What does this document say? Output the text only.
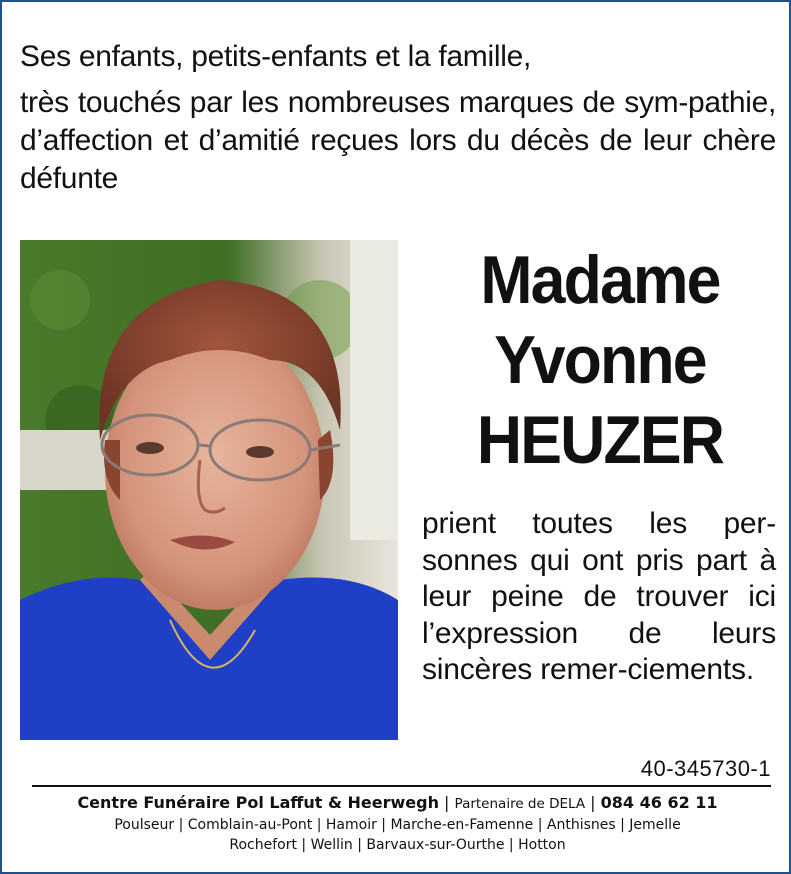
Ses enfants, petits-enfants et la famille,

très touchés par les nombreuses marques de sym-pathie, d’affection et d’amitié reçues lors du décès de leur chère défunte

Madame
Yvonne
HEUZER
prient toutes les per-sonnes qui ont pris part à leur peine de trouver ici l’expression de leurs sincères remer-ciements.
40-345730-1
Centre Funéraire Pol Laffut & Heerwegh | Partenaire de DELA | 084 46 62 11
Poulseur | Comblain-au-Pont | Hamoir | Marche-en-Famenne | Anthisnes | Jemelle
Rochefort | Wellin | Barvaux-sur-Ourthe | Hotton
